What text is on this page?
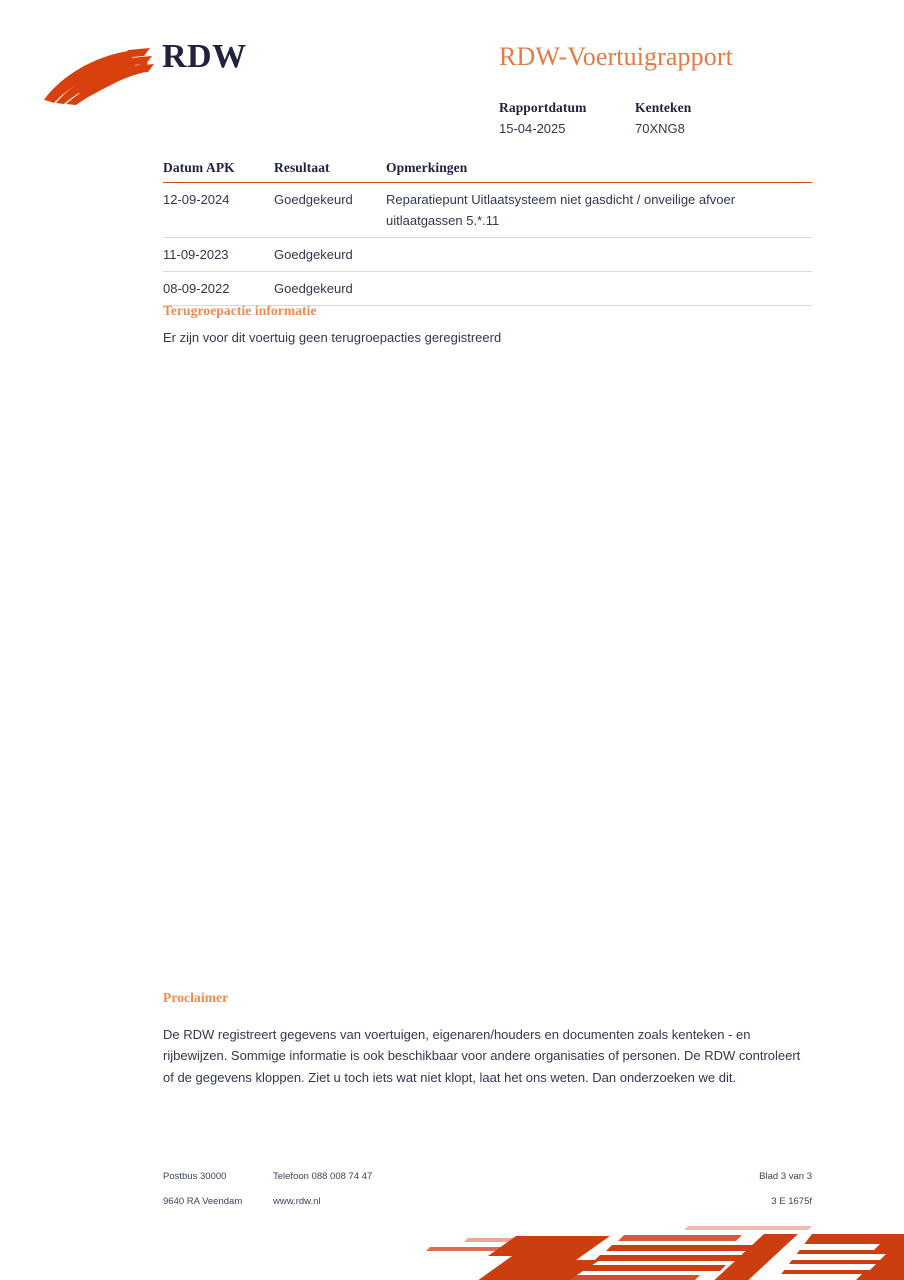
RDW	RDW-Voertuigrapport
Rapportdatum
15-04-2025
Kenteken
70XNG8
Datum APK	Resultaat	Opmerkingen
12-09-2024	Goedgekeurd	Reparatiepunt Uitlaatsysteem niet gasdicht / onveilige afvoer uitlaatgassen 5.*.11
11-09-2023	Goedgekeurd
08-09-2022	Goedgekeurd
Terugroepactie informatie
Er zijn voor dit voertuig geen terugroepacties geregistreerd
Proclaimer
De RDW registreert gegevens van voertuigen, eigenaren/houders en documenten zoals kenteken - en rijbewijzen. Sommige informatie is ook beschikbaar voor andere organisaties of personen. De RDW controleert of de gegevens kloppen. Ziet u toch iets wat niet klopt, laat het ons weten. Dan onderzoeken we dit.
Postbus 30000	Telefoon 088 008 74 47	Blad 3 van 3
9640 RA Veendam	www.rdw.nl	3 E 1675f
